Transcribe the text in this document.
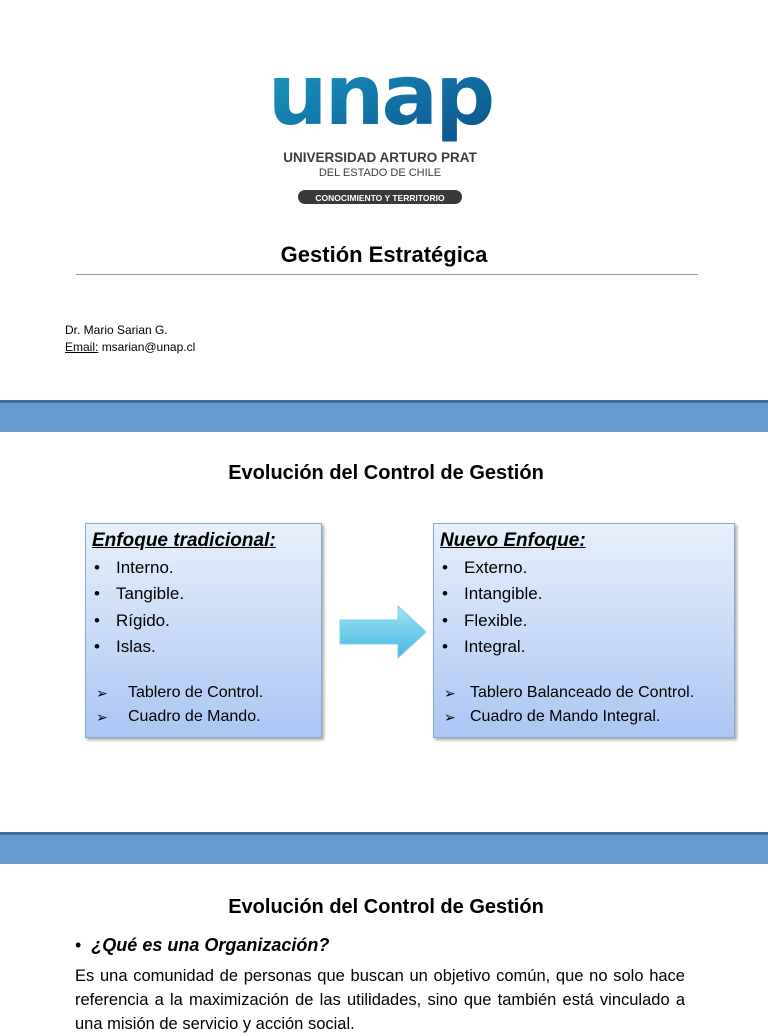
unap
UNIVERSIDAD ARTURO PRAT
DEL ESTADO DE CHILE
CONOCIMIENTO Y TERRITORIO
Gestión Estratégica
Dr. Mario Sarian G.
Email: msarian@unap.cl
Evolución del Control de Gestión
Enfoque tradicional:
• Interno.
• Tangible.
• Rígido.
• Islas.
➢ Tablero de Control.
➢ Cuadro de Mando.
Nuevo Enfoque:
• Externo.
• Intangible.
• Flexible.
• Integral.
➢ Tablero Balanceado de Control.
➢ Cuadro de Mando Integral.
Evolución del Control de Gestión
•  ¿Qué es una Organización?
Es una comunidad de personas que buscan un objetivo común, que no solo hace referencia a la maximización de las utilidades, sino que también está vinculado a una misión de servicio y acción social.
